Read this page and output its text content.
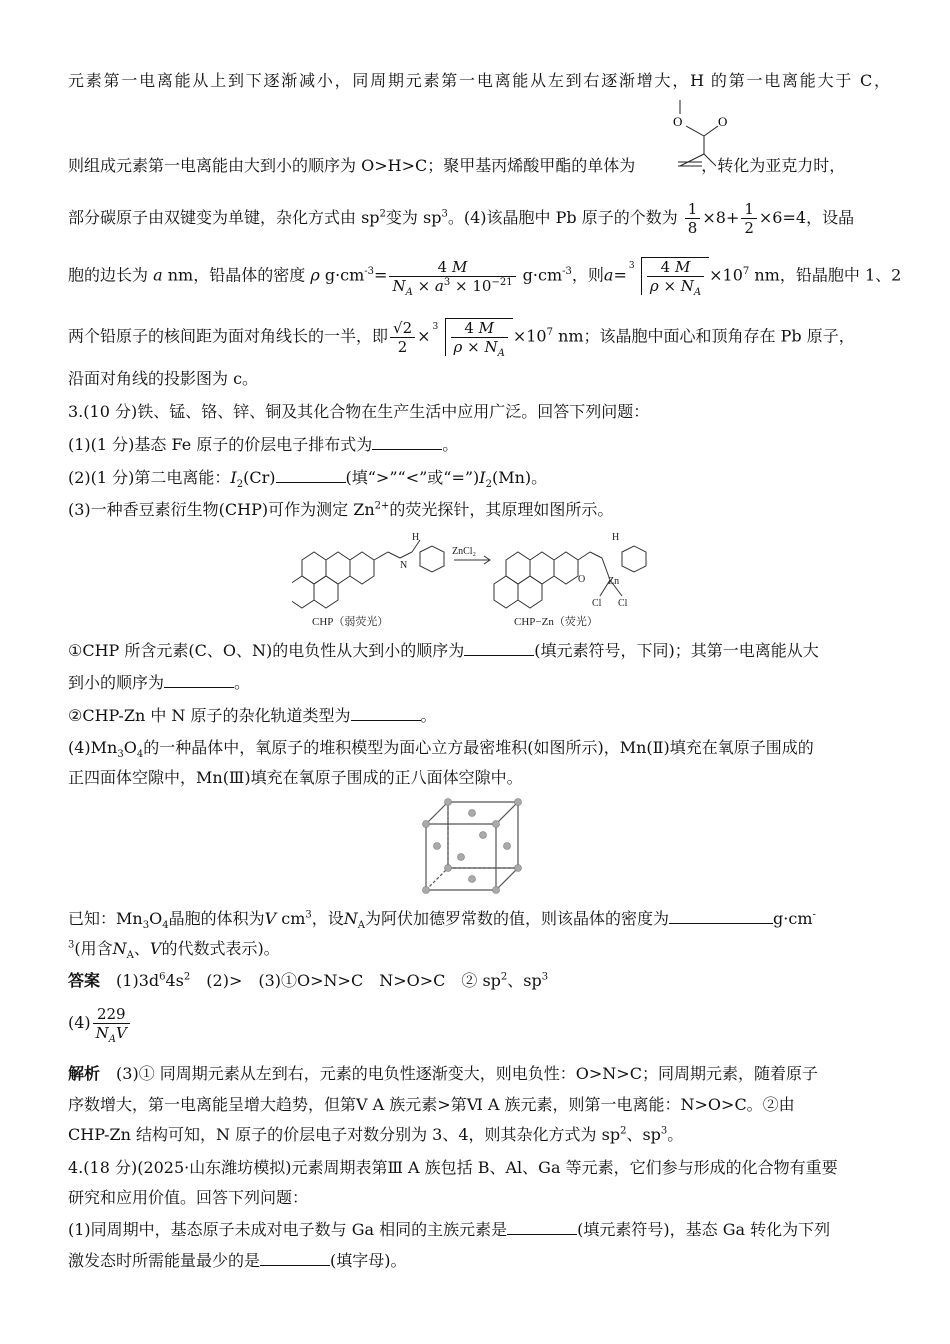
元素第一电离能从上到下逐渐减小，同周期元素第一电离能从左到右逐渐增大，H 的第一电离能大于 C，
O	O
则组成元素第一电离能由大到小的顺序为 O>H>C；聚甲基丙烯酸甲酯的单体为	，转化为亚克力时，
部分碳原子由双键变为单键，杂化方式由 $sp^2$变为 $sp^3$。(4)该晶胞中 Pb 原子的个数为 $\frac{1}{8} \times 8+ \frac{1}{2} \times 6=4$，设晶
胞的边长为 a nm，铅晶体的密度 ρ $g\cdot cm^{-3}= \frac{4 M}{N_A \times a^3 \times 10^{-21}} g\cdot cm^{-3}$，则$a= 3 \frac{4 M}{\rho \times N_A} \times 10^7$ nm，铅晶胞中 1、2
两个铅原子的核间距为面对角线长的一半，即 $\frac{√2}{2} \times 3 \frac{4 M}{\rho \times N_A} \times 10^7$ nm；该晶胞中面心和顶角存在 Pb 原子，
沿面对角线的投影图为 c。
3.(10 分)铁、锰、铬、锌、铜及其化合物在生产生活中应用广泛。回答下列问题：
(1)(1 分)基态 Fe 原子的价层电子排布式为	。
(2)(1 分)第二电离能：$I_2(Cr)$	(填“>”“<”或“$=”)I_2(Mn)$。
(3)一种香豆素衍生物(CHP)可作为测定 $Zn^{2+}$的荧光探针，其原理如图所示。
H
N
ZnCl₂
H
Zn
Cl Cl
O
CHP（弱荧光）	CHP−Zn（荧光）
①CHP 所含元素(C、O、N)的电负性从大到小的顺序为	(填元素符号，下同)；其第一电离能从大
到小的顺序为	。
②CHP-Zn 中 N 原子的杂化轨道类型为	。
$(4)Mn_3O_4$的一种晶体中，氧原子的堆积模型为面心立方最密堆积(如图所示)，Mn(Ⅱ)填充在氧原子围成的
正四面体空隙中，Mn(Ⅲ)填充在氧原子围成的正八面体空隙中。
已知：$Mn_3O_4$晶胞的体积为V $cm^3$，设$N_A$为阿伏加德罗常数的值，则该晶体的密度为	g·cm-
$^3$(用含$N_A$、V的代数式表示)。
答案　 $(1)3d^64s^2$　 (2)>　(3)①O>N>C　N>O>C　② $sp^2$、$sp^3$
$(4) \frac{229}{N_AV}$
解析　 (3)① 同周期元素从左到右，元素的电负性逐渐变大，则电负性：O>N>C；同周期元素，随着原子
序数增大，第一电离能呈增大趋势，但第Ⅴ A 族元素>第Ⅵ A 族元素，则第一电离能：N>O>C。②由
CHP-Zn 结构可知，N 原子的价层电子对数分别为 3、4，则其杂化方式为 $sp^2$、$sp^3$。
4.(18 分)(2025·山东潍坊模拟)元素周期表第Ⅲ A 族包括 B、Al、Ga 等元素，它们参与形成的化合物有重要
研究和应用价值。回答下列问题：
(1)同周期中，基态原子未成对电子数与 Ga 相同的主族元素是	(填元素符号)，基态 Ga 转化为下列
激发态时所需能量最少的是	(填字母)。
